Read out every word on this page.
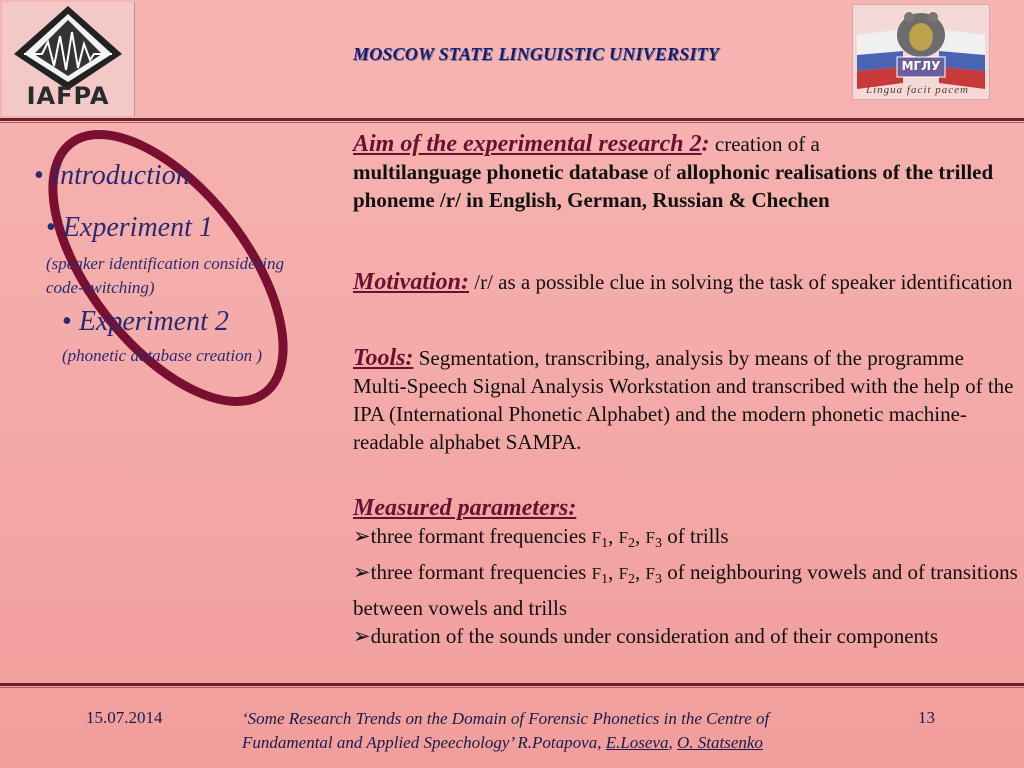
IAFPA
MOSCOW STATE LINGUISTIC UNIVERSITY
МГЛУ
Lingua facit pacem
• Introduction
• Experiment 1
(speaker identification considering code-switching)
• Experiment 2
(phonetic database creation )
Aim of the experimental research 2: creation of a
multilanguage phonetic database of allophonic realisations of the trilled phoneme /r/ in English, German, Russian & Chechen
Motivation: /r/ as a possible clue in solving the task of speaker identification
Tools: Segmentation, transcribing, analysis by means of the programme Multi-Speech Signal Analysis Workstation and transcribed with the help of the IPA (International Phonetic Alphabet) and the modern phonetic machine-readable alphabet SAMPA.
Measured parameters:
➢three formant frequencies $F_1$, $F_2$, $F_3$ of trills
➢three formant frequencies $F_1$, $F_2$, $F_3$ of neighbouring vowels and of transitions between vowels and trills
➢duration of the sounds under consideration and of their components
15.07.2014	‘Some Research Trends on the Domain of Forensic Phonetics in the Centre of Fundamental and Applied Speechology’ R.Potapova, E.Loseva, O. Statsenko
13
